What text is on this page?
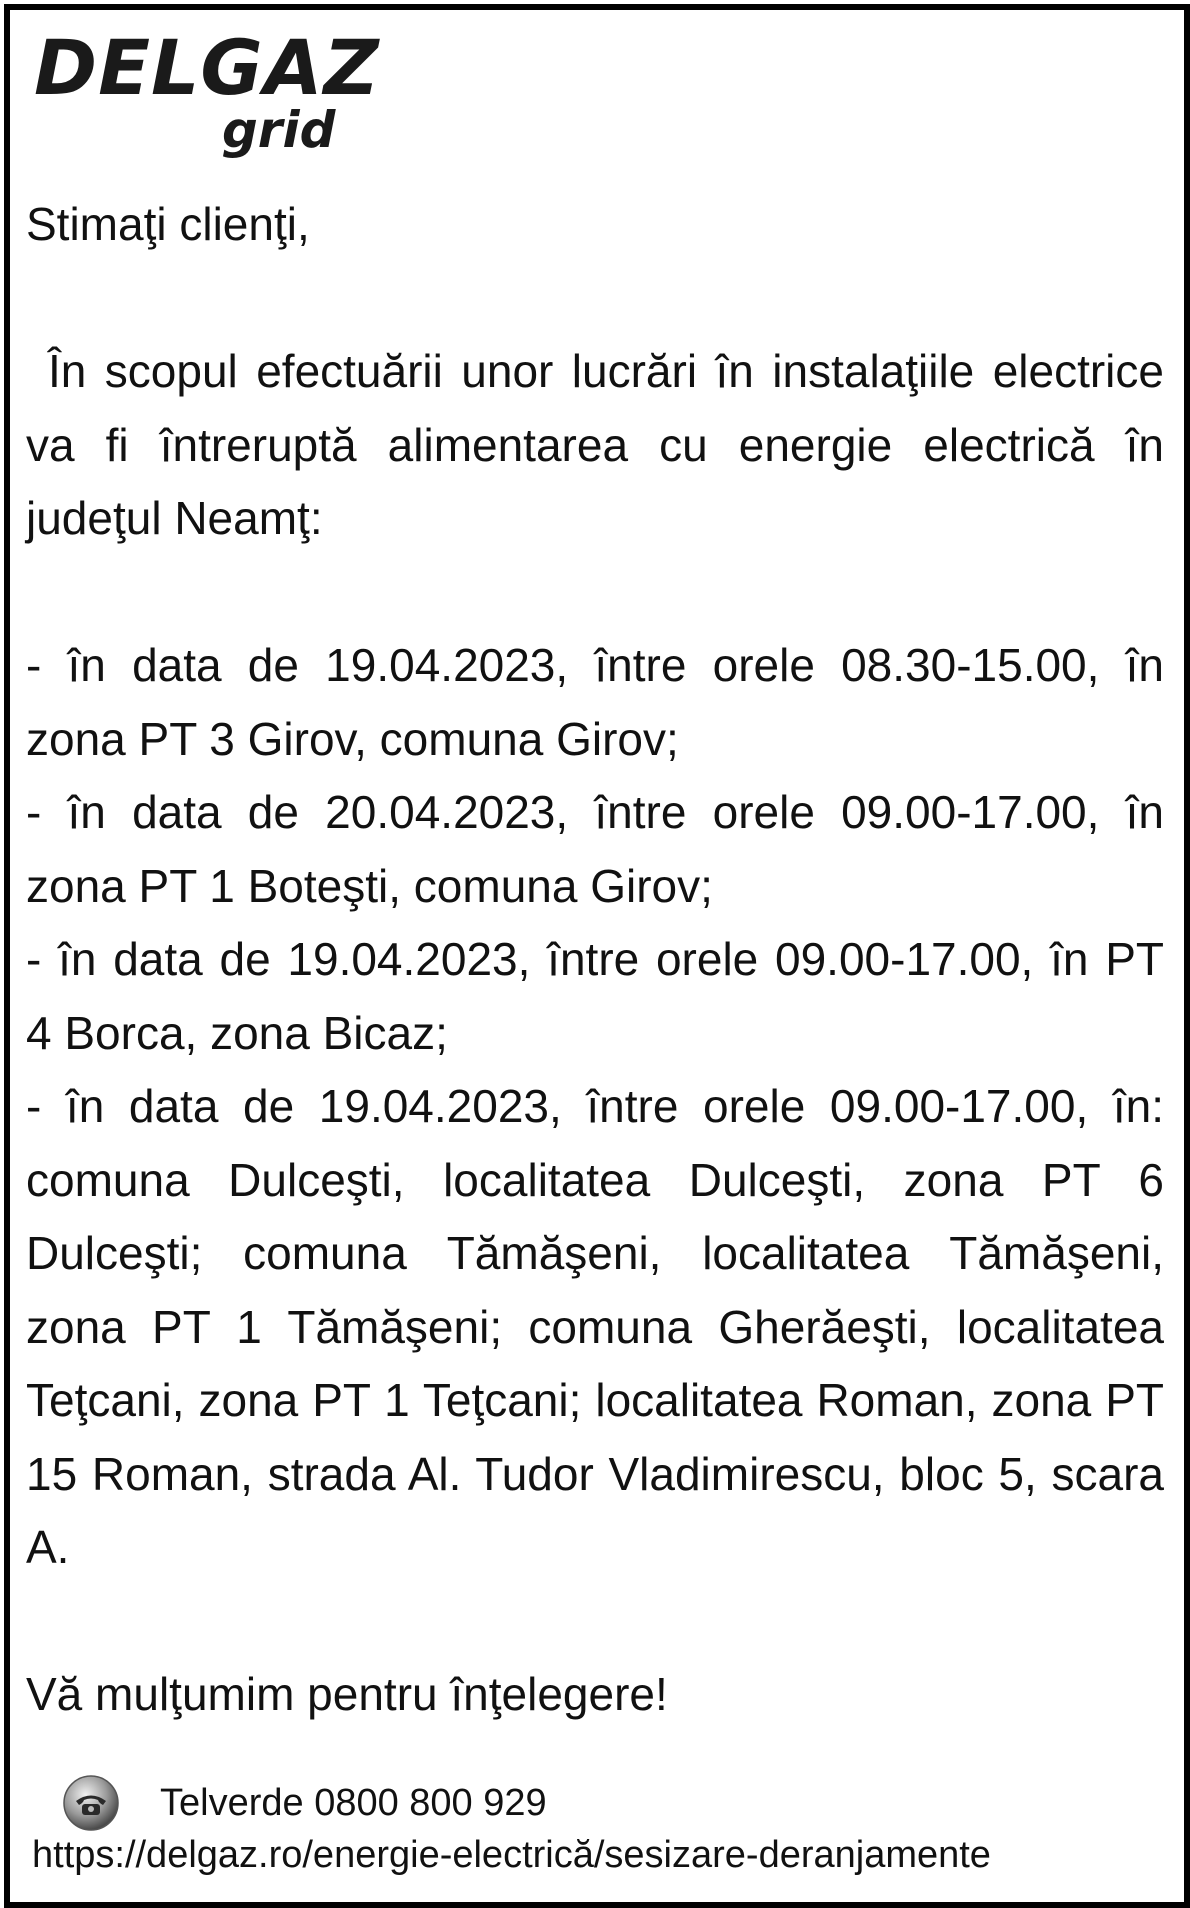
DELGAZ
grid

Stimaţi clienţi,

În scopul efectuării unor lucrări în instalaţiile electrice va fi întreruptă alimentarea cu energie electrică în judeţul Neamţ:

- în data de 19.04.2023, între orele 08.30-15.00, în zona PT 3 Girov, comuna Girov;

- în data de 20.04.2023, între orele 09.00-17.00, în zona PT 1 Boteşti, comuna Girov;

- în data de 19.04.2023, între orele 09.00-17.00, în PT 4 Borca, zona Bicaz;

- în data de 19.04.2023, între orele 09.00-17.00, în: comuna Dulceşti, localitatea Dulceşti, zona PT 6 Dulceşti; comuna Tămăşeni, localitatea Tămăşeni, zona PT 1 Tămăşeni; comuna Gherăeşti, localitatea Teţcani, zona PT 1 Teţcani; localitatea Roman, zona PT 15 Roman, strada Al. Tudor Vladimirescu, bloc 5, scara A.

Vă mulţumim pentru înţelegere!

Telverde 0800 800 929
https://delgaz.ro/energie-electrică/sesizare-deranjamente
